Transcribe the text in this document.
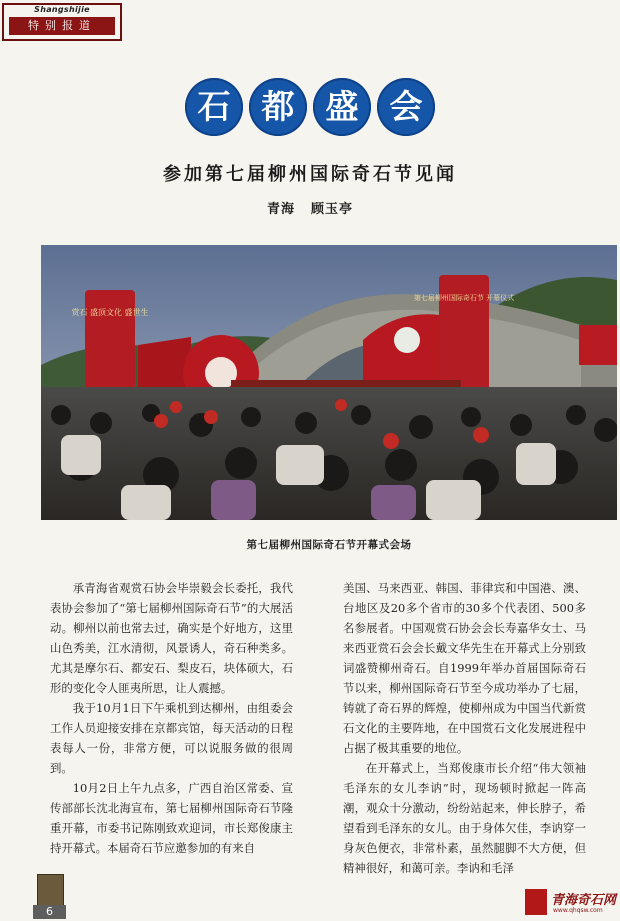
Shangshijie
特别报道
石 都 盛 会
参加第七届柳州国际奇石节见闻
青海 顾玉亭
赏石 盛顶文化 盛世生
第七届柳州国际奇石节 开幕仪式
第七届柳州国际奇石节开幕式会场

承青海省观赏石协会毕崇毅会长委托，我代表协会参加了“第七届柳州国际奇石节”的大展活动。柳州以前也常去过，确实是个好地方，这里山色秀美，江水清彻，风景诱人，奇石种类多。尤其是摩尔石、都安石、梨皮石，块体硕大，石形的变化令人匪夷所思，让人震撼。

我于10月1日下午乘机到达柳州，由组委会工作人员迎接安排在京都宾馆，每天活动的日程表每人一份，非常方便，可以说服务做的很周到。

10月2日上午九点多，广西自治区常委、宣传部部长沈北海宣布，第七届柳州国际奇石节隆重开幕，市委书记陈刚致欢迎词，市长郑俊康主持开幕式。本届奇石节应邀参加的有来自

美国、马来西亚、韩国、菲律宾和中国港、澳、台地区及20多个省市的30多个代表团、500多名参展者。中国观赏石协会会长寿嘉华女士、马来西亚赏石会会长戴文华先生在开幕式上分别致词盛赞柳州奇石。自1999年举办首届国际奇石节以来，柳州国际奇石节至今成功举办了七届，铸就了奇石界的辉煌，使柳州成为中国当代新赏石文化的主要阵地，在中国赏石文化发展进程中占据了极其重要的地位。

在开幕式上，当郑俊康市长介绍“伟大领袖毛泽东的女儿李讷”时，现场顿时掀起一阵高潮，观众十分激动，纷纷站起来，伸长脖子，希望看到毛泽东的女儿。由于身体欠佳，李讷穿一身灰色便衣，非常朴素，虽然腿脚不大方便，但精神很好，和蔼可亲。李讷和毛泽

6
青海奇石网
www.qhqsw.com
